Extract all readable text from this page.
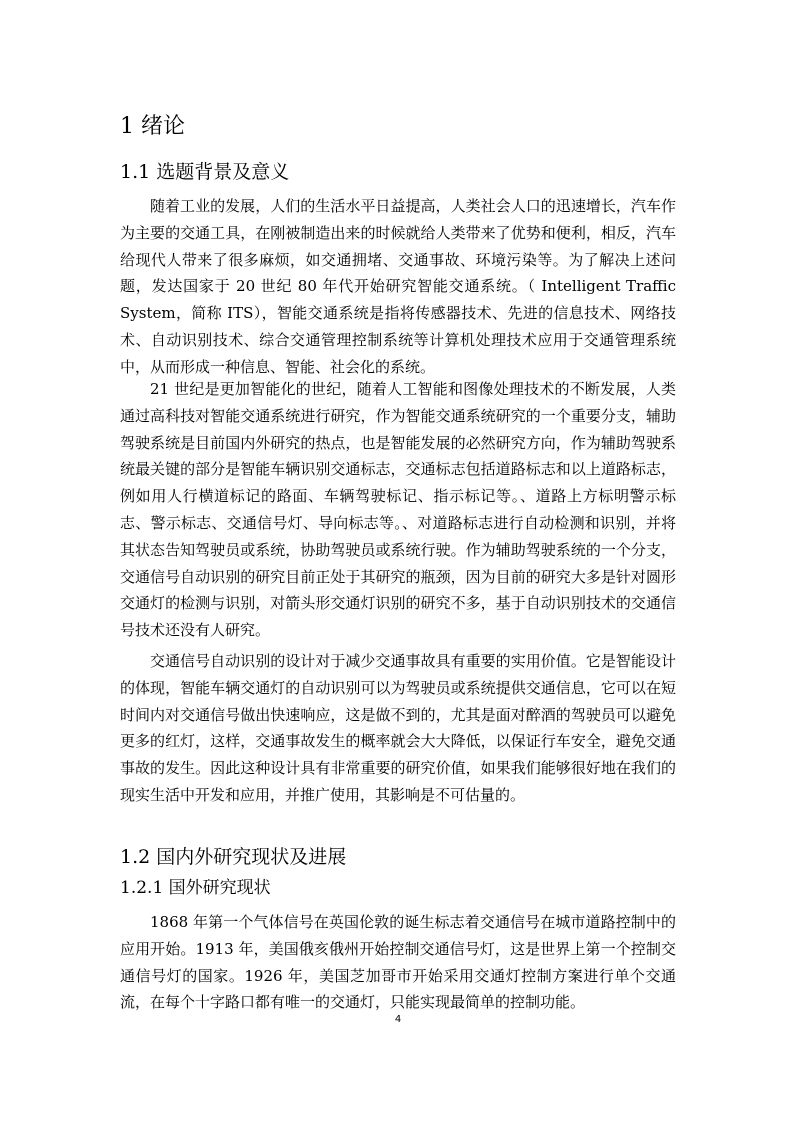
1 绪论
1.1 选题背景及意义

随着工业的发展，人们的生活水平日益提高，人类社会人口的迅速增长，汽车作为主要的交通工具，在刚被制造出来的时候就给人类带来了优势和便利，相反，汽车给现代人带来了很多麻烦，如交通拥堵、交通事故、环境污染等。为了解决上述问题，发达国家于 20 世纪 80 年代开始研究智能交通系统。（ Intelligent Traffic System，简称 ITS），智能交通系统是指将传感器技术、先进的信息技术、网络技术、自动识别技术、综合交通管理控制系统等计算机处理技术应用于交通管理系统中，从而形成一种信息、智能、社会化的系统。

21 世纪是更加智能化的世纪，随着人工智能和图像处理技术的不断发展，人类通过高科技对智能交通系统进行研究，作为智能交通系统研究的一个重要分支，辅助驾驶系统是目前国内外研究的热点，也是智能发展的必然研究方向，作为辅助驾驶系统最关键的部分是智能车辆识别交通标志，交通标志包括道路标志和以上道路标志，例如用人行横道标记的路面、车辆驾驶标记、指示标记等。、道路上方标明警示标志、警示标志、交通信号灯、导向标志等。、对道路标志进行自动检测和识别，并将其状态告知驾驶员或系统，协助驾驶员或系统行驶。作为辅助驾驶系统的一个分支，交通信号自动识别的研究目前正处于其研究的瓶颈，因为目前的研究大多是针对圆形交通灯的检测与识别，对箭头形交通灯识别的研究不多，基于自动识别技术的交通信号技术还没有人研究。

交通信号自动识别的设计对于减少交通事故具有重要的实用价值。它是智能设计的体现，智能车辆交通灯的自动识别可以为驾驶员或系统提供交通信息，它可以在短时间内对交通信号做出快速响应，这是做不到的，尤其是面对醉酒的驾驶员可以避免更多的红灯，这样，交通事故发生的概率就会大大降低，以保证行车安全，避免交通事故的发生。因此这种设计具有非常重要的研究价值，如果我们能够很好地在我们的现实生活中开发和应用，并推广使用，其影响是不可估量的。

1.2 国内外研究现状及进展
1.2.1 国外研究现状

1868 年第一个气体信号在英国伦敦的诞生标志着交通信号在城市道路控制中的应用开始。1913 年，美国俄亥俄州开始控制交通信号灯，这是世界上第一个控制交通信号灯的国家。1926 年，美国芝加哥市开始采用交通灯控制方案进行单个交通流，在每个十字路口都有唯一的交通灯，只能实现最简单的控制功能。

4
